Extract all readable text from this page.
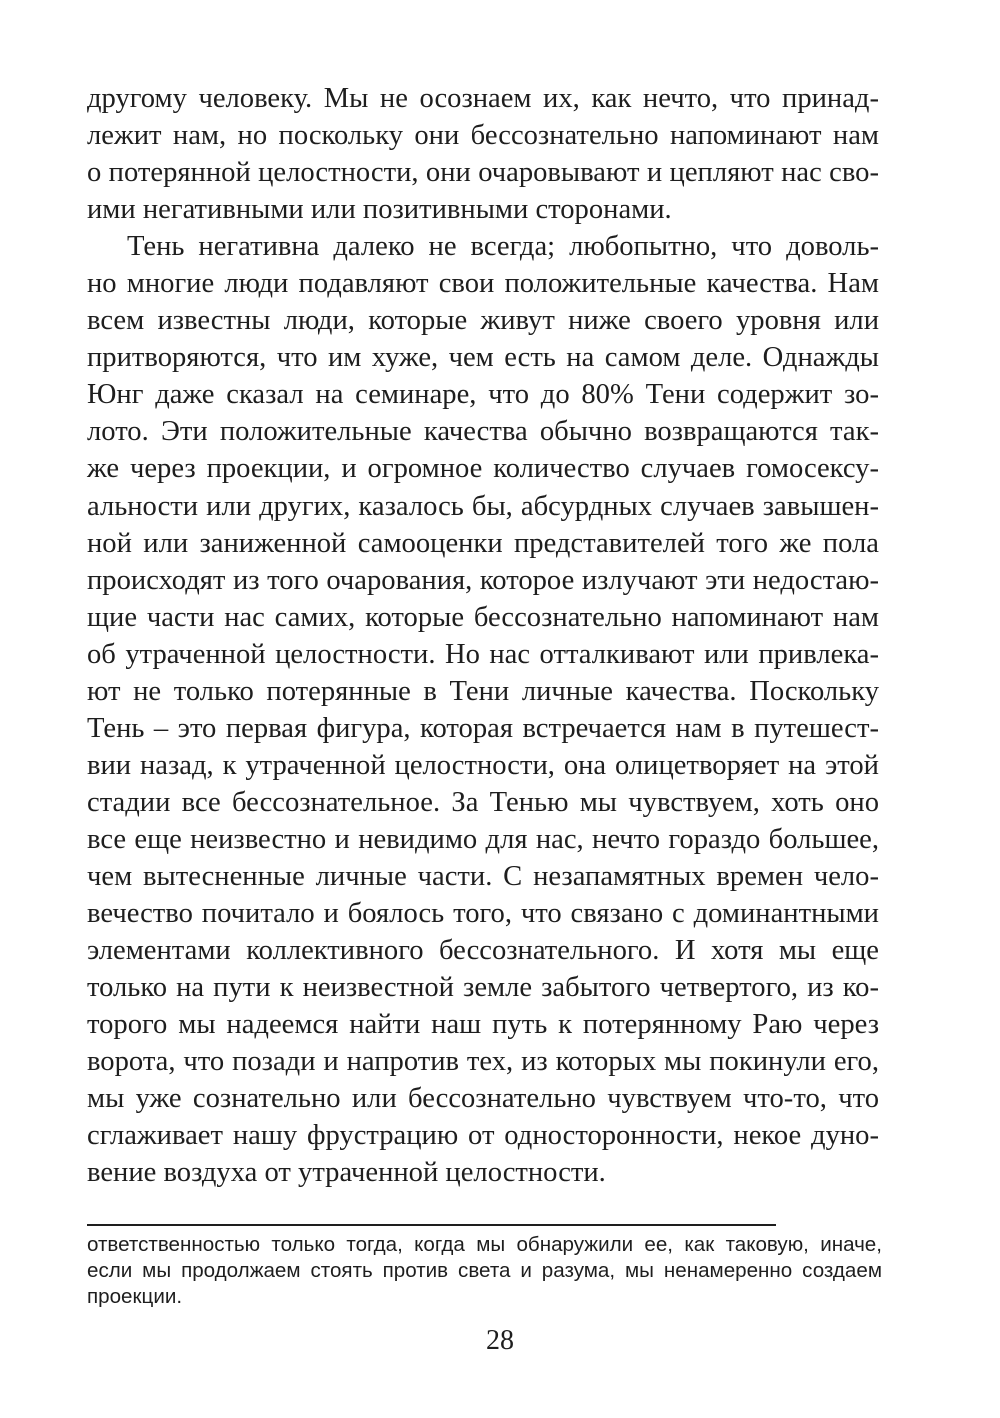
другому человеку. Мы не осознаем их, как нечто, что принад-

лежит нам, но поскольку они бессознательно напоминают нам

о потерянной целостности, они очаровывают и цепляют нас сво-

ими негативными или позитивными сторонами.

Тень негативна далеко не всегда; любопытно, что доволь-

но многие люди подавляют свои положительные качества. Нам

всем известны люди, которые живут ниже своего уровня или

притворяются, что им хуже, чем есть на самом деле. Однажды

Юнг даже сказал на семинаре, что до 80% Тени содержит зо-

лото. Эти положительные качества обычно возвращаются так-

же через проекции, и огромное количество случаев гомосексу-

альности или других, казалось бы, абсурдных случаев завышен-

ной или заниженной самооценки представителей того же пола

происходят из того очарования, которое излучают эти недостаю-

щие части нас самих, которые бессознательно напоминают нам

об утраченной целостности. Но нас отталкивают или привлека-

ют не только потерянные в Тени личные качества. Поскольку

Тень – это первая фигура, которая встречается нам в путешест-

вии назад, к утраченной целостности, она олицетворяет на этой

стадии все бессознательное. За Тенью мы чувствуем, хоть оно

все еще неизвестно и невидимо для нас, нечто гораздо большее,

чем вытесненные личные части. С незапамятных времен чело-

вечество почитало и боялось того, что связано с доминантными

элементами коллективного бессознательного. И хотя мы еще

только на пути к неизвестной земле забытого четвертого, из ко-

торого мы надеемся найти наш путь к потерянному Раю через

ворота, что позади и напротив тех, из которых мы покинули его,

мы уже сознательно или бессознательно чувствуем что-то, что

сглаживает нашу фрустрацию от односторонности, некое дуно-

вение воздуха от утраченной целостности.

ответственностью только тогда, когда мы обнаружили ее, как таковую, иначе,

если мы продолжаем стоять против света и разума, мы ненамеренно создаем

проекции.

28
